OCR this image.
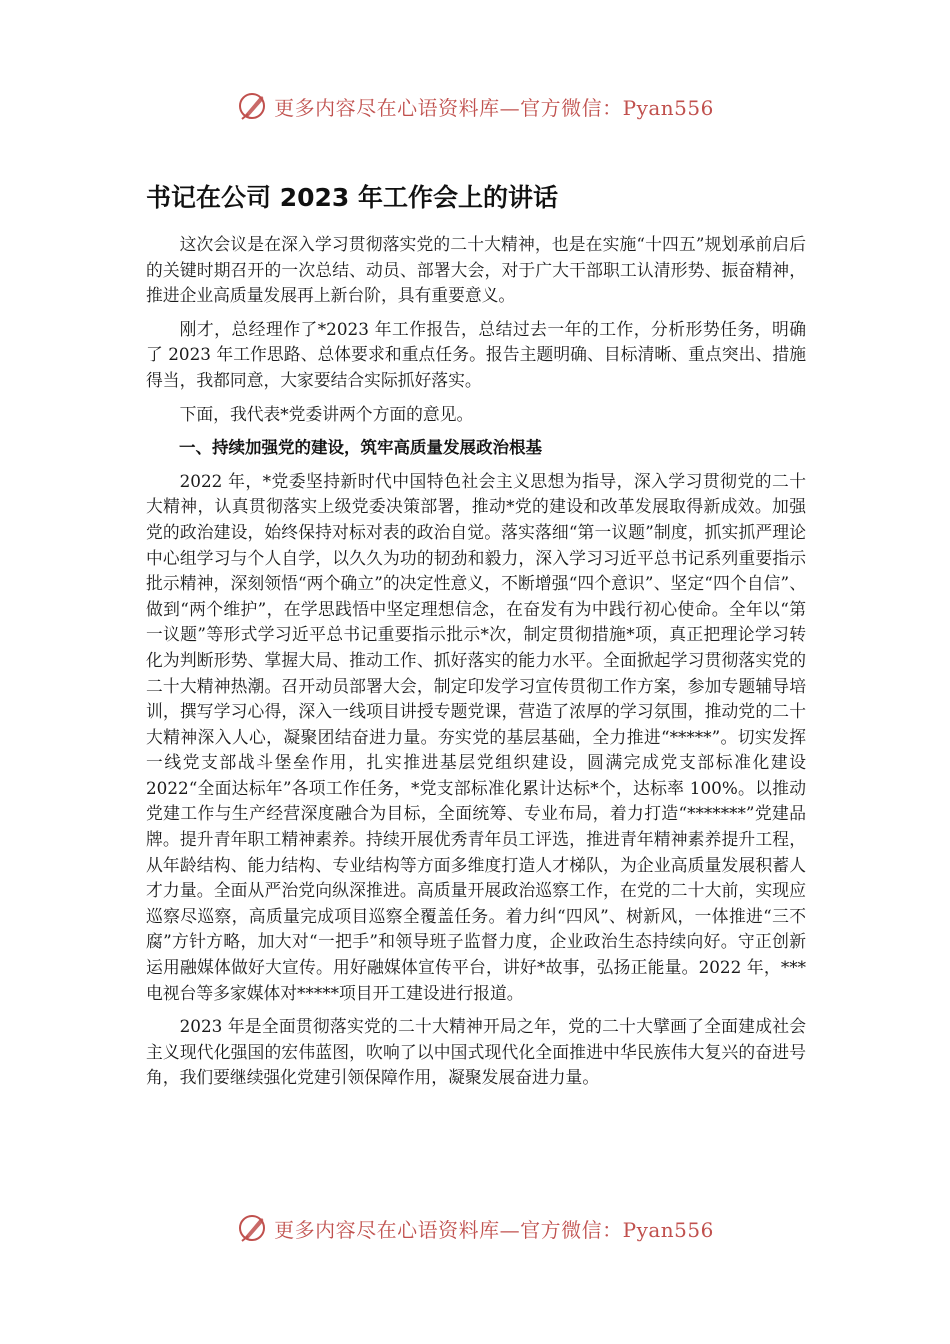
更多内容尽在心语资料库—官方微信：Pyan556
书记在公司 2023 年工作会上的讲话

这次会议是在深入学习贯彻落实党的二十大精神，也是在实施“十四五”规划承前启后的关键时期召开的一次总结、动员、部署大会，对于广大干部职工认清形势、振奋精神，推进企业高质量发展再上新台阶，具有重要意义。

刚才，总经理作了*2023 年工作报告，总结过去一年的工作，分析形势任务，明确了 2023 年工作思路、总体要求和重点任务。报告主题明确、目标清晰、重点突出、措施得当，我都同意，大家要结合实际抓好落实。

下面，我代表*党委讲两个方面的意见。

一、持续加强党的建设，筑牢高质量发展政治根基

2022 年，*党委坚持新时代中国特色社会主义思想为指导，深入学习贯彻党的二十大精神，认真贯彻落实上级党委决策部署，推动*党的建设和改革发展取得新成效。加强党的政治建设，始终保持对标对表的政治自觉。落实落细“第一议题”制度，抓实抓严理论中心组学习与个人自学，以久久为功的韧劲和毅力，深入学习习近平总书记系列重要指示批示精神，深刻领悟“两个确立”的决定性意义，不断增强“四个意识”、坚定“四个自信”、做到“两个维护”，在学思践悟中坚定理想信念，在奋发有为中践行初心使命。全年以“第一议题”等形式学习近平总书记重要指示批示*次，制定贯彻措施*项，真正把理论学习转化为判断形势、掌握大局、推动工作、抓好落实的能力水平。全面掀起学习贯彻落实党的二十大精神热潮。召开动员部署大会，制定印发学习宣传贯彻工作方案，参加专题辅导培训，撰写学习心得，深入一线项目讲授专题党课，营造了浓厚的学习氛围，推动党的二十大精神深入人心，凝聚团结奋进力量。夯实党的基层基础，全力推进“*****”。切实发挥一线党支部战斗堡垒作用，扎实推进基层党组织建设，圆满完成党支部标准化建设 2022“全面达标年”各项工作任务，*党支部标准化累计达标*个，达标率 100%。以推动党建工作与生产经营深度融合为目标，全面统筹、专业布局，着力打造“*******”党建品牌。提升青年职工精神素养。持续开展优秀青年员工评选，推进青年精神素养提升工程，从年龄结构、能力结构、专业结构等方面多维度打造人才梯队，为企业高质量发展积蓄人才力量。全面从严治党向纵深推进。高质量开展政治巡察工作，在党的二十大前，实现应巡察尽巡察，高质量完成项目巡察全覆盖任务。着力纠“四风”、树新风，一体推进“三不腐”方针方略，加大对“一把手”和领导班子监督力度，企业政治生态持续向好。守正创新运用融媒体做好大宣传。用好融媒体宣传平台，讲好*故事，弘扬正能量。2022 年，***电视台等多家媒体对*****项目开工建设进行报道。

2023 年是全面贯彻落实党的二十大精神开局之年，党的二十大擘画了全面建成社会主义现代化强国的宏伟蓝图，吹响了以中国式现代化全面推进中华民族伟大复兴的奋进号角，我们要继续强化党建引领保障作用，凝聚发展奋进力量。

更多内容尽在心语资料库—官方微信：Pyan556
